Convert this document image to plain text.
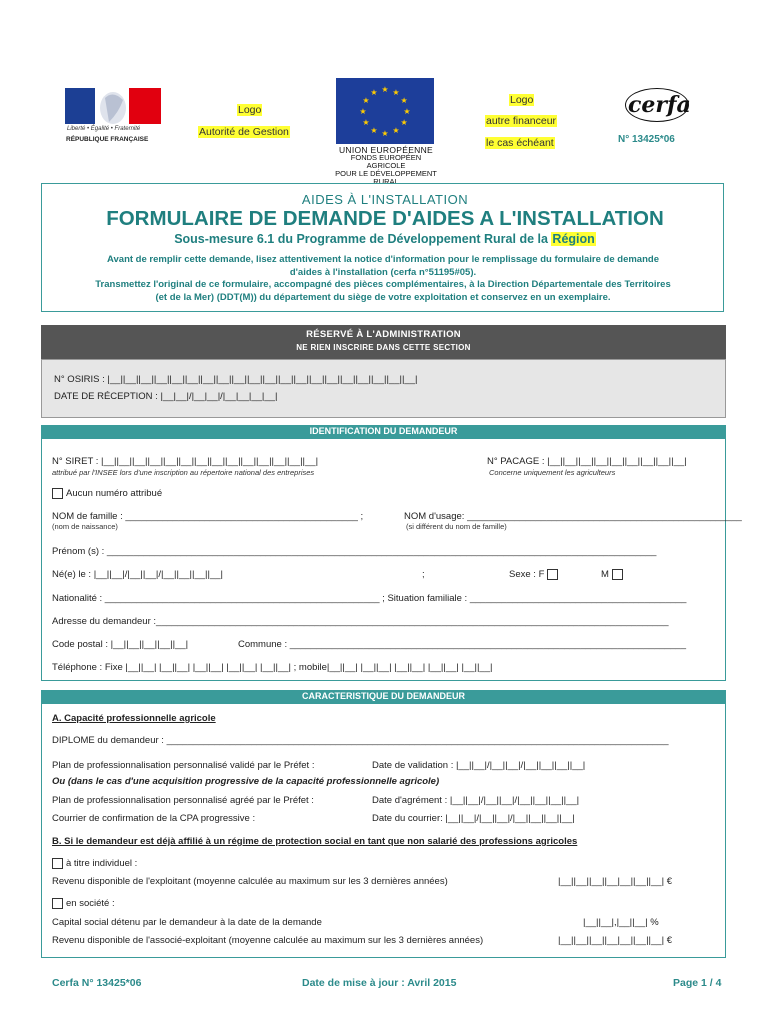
Liberté • Égalité • Fraternité
RÉPUBLIQUE FRANÇAISE
Logo
Autorité de Gestion
★ ★
★
★
★
★
★
★
★
★
★
★
UNION EUROPÉENNE
FONDS EUROPÉEN AGRICOLE
POUR LE DÉVELOPPEMENT RURAL
Logo
autre financeur
le cas échéant
cerfa
N° 13425*06
AIDES À L'INSTALLATION
FORMULAIRE DE DEMANDE D'AIDES A L'INSTALLATION
Sous-mesure 6.1 du Programme de Développement Rural de la Région
Avant de remplir cette demande, lisez attentivement la notice d'information pour le remplissage du formulaire de demande
d'aides à l'installation (cerfa n°51195#05).
Transmettez l'original de ce formulaire, accompagné des pièces complémentaires, à la Direction Départementale des Territoires
(et de la Mer) (DDT(M)) du département du siège de votre exploitation et conservez en un exemplaire.
RÉSERVÉ À L'ADMINISTRATION
NE RIEN INSCRIRE DANS CETTE SECTION
N° OSIRIS : |__||__||__||__||__||__||__||__||__||__||__||__||__||__||__||__||__||__||__||__|
DATE DE RÉCEPTION : |__|__|/|__|__|/|__|__|__|__|
IDENTIFICATION DU DEMANDEUR
N° SIRET : |__||__||__||__||__||__||__||__||__||__||__||__||__||__|
attribué par l'INSEE lors d'une inscription au répertoire national des entreprises
N° PACAGE : |__||__||__||__||__||__||__||__||__|
Concerne uniquement les agriculteurs
Aucun numéro attribué
NOM de famille : ____________________________________________ ;
(nom de naissance)
NOM d'usage: ____________________________________________________
(si différent du nom de famille)
Prénom (s) : ________________________________________________________________________________________________________
Né(e) le : |__||__|/|__||__|/|__||__||__||__|	;	Sexe : F	M
Nationalité : ____________________________________________________ ; Situation familiale : _________________________________________
Adresse du demandeur :_________________________________________________________________________________________________
Code postal : |__||__||__||__||__|	Commune : ___________________________________________________________________________
Téléphone : Fixe |__||__| |__||__| |__||__| |__||__| |__||__| ; mobile|__||__| |__||__| |__||__| |__||__| |__||__|
CARACTERISTIQUE DU DEMANDEUR
A. Capacité professionnelle agricole
DIPLOME du demandeur : _______________________________________________________________________________________________
Plan de professionnalisation personnalisé validé par le Préfet :	Date de validation : |__||__|/|__||__|/|__||__||__||__|
Ou (dans le cas d'une acquisition progressive de la capacité professionnelle agricole)
Plan de professionnalisation personnalisé agréé par le Préfet :	Date d'agrément : |__||__|/|__||__|/|__||__||__||__|
Courrier de confirmation de la CPA progressive :	Date du courrier: |__||__|/|__||__|/|__||__||__||__|
B. Si le demandeur est déjà affilié à un régime de protection social en tant que non salarié des professions agricoles
à titre individuel :
Revenu disponible de l'exploitant (moyenne calculée au maximum sur les 3 dernières années)	|__||__||__||__|__||__||__| €
en société :
Capital social détenu par le demandeur à la date de la demande	|__||__|,|__||__| %
Revenu disponible de l'associé-exploitant (moyenne calculée au maximum sur les 3 dernières années)	|__||__||__||__|__||__||__| €
Cerfa N° 13425*06	Date de mise à jour : Avril 2015	Page 1 / 4
